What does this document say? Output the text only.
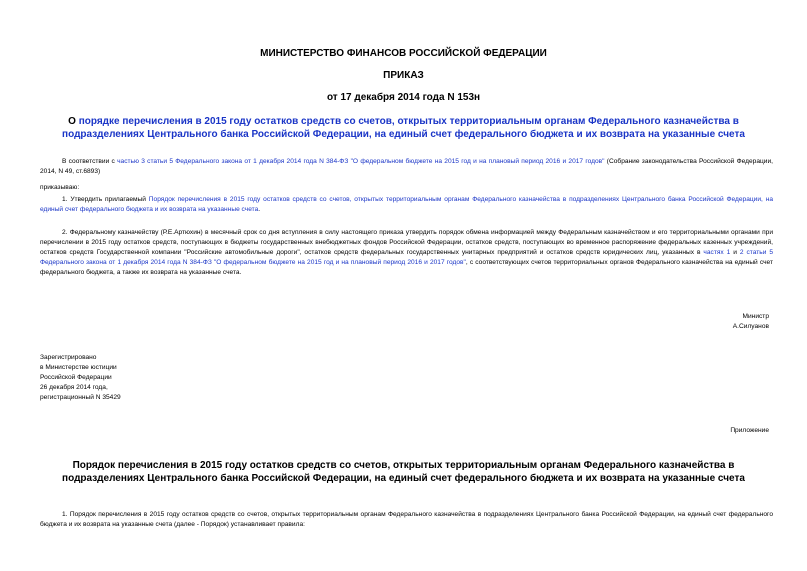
МИНИСТЕРСТВО ФИНАНСОВ РОССИЙСКОЙ ФЕДЕРАЦИИ
ПРИКАЗ
от 17 декабря 2014 года N 153н
О порядке перечисления в 2015 году остатков средств со счетов, открытых территориальным органам Федерального казначейства в подразделениях Центрального банка Российской Федерации, на единый счет федерального бюджета и их возврата на указанные счета
В соответствии с частью 3 статьи 5 Федерального закона от 1 декабря 2014 года N 384-ФЗ "О федеральном бюджете на 2015 год и на плановый период 2016 и 2017 годов" (Собрание законодательства Российской Федерации, 2014, N 49, ст.6893)
приказываю:
1. Утвердить прилагаемый Порядок перечисления в 2015 году остатков средств со счетов, открытых территориальным органам Федерального казначейства в подразделениях Центрального банка Российской Федерации, на единый счет федерального бюджета и их возврата на указанные счета.
2. Федеральному казначейству (Р.Е.Артюхин) в месячный срок со дня вступления в силу настоящего приказа утвердить порядок обмена информацией между Федеральным казначейством и его территориальными органами при перечислении в 2015 году остатков средств, поступающих в бюджеты государственных внебюджетных фондов Российской Федерации, остатков средств, поступающих во временное распоряжение федеральных казенных учреждений, остатков средств Государственной компании "Российские автомобильные дороги", остатков средств федеральных государственных унитарных предприятий и остатков средств юридических лиц, указанных в частях 1 и 2 статьи 5 Федерального закона от 1 декабря 2014 года N 384-ФЗ "О федеральном бюджете на 2015 год и на плановый период 2016 и 2017 годов", с соответствующих счетов территориальных органов Федерального казначейства на единый счет федерального бюджета, а также их возврата на указанные счета.
Министр
А.Силуанов
Зарегистрировано
в Министерстве юстиции
Российской Федерации
26 декабря 2014 года,
регистрационный N 35429
Приложение
Порядок перечисления в 2015 году остатков средств со счетов, открытых территориальным органам Федерального казначейства в подразделениях Центрального банка Российской Федерации, на единый счет федерального бюджета и их возврата на указанные счета
1. Порядок перечисления в 2015 году остатков средств со счетов, открытых территориальным органам Федерального казначейства в подразделениях Центрального банка Российской Федерации, на единый счет федерального бюджета и их возврата на указанные счета (далее - Порядок) устанавливает правила:
